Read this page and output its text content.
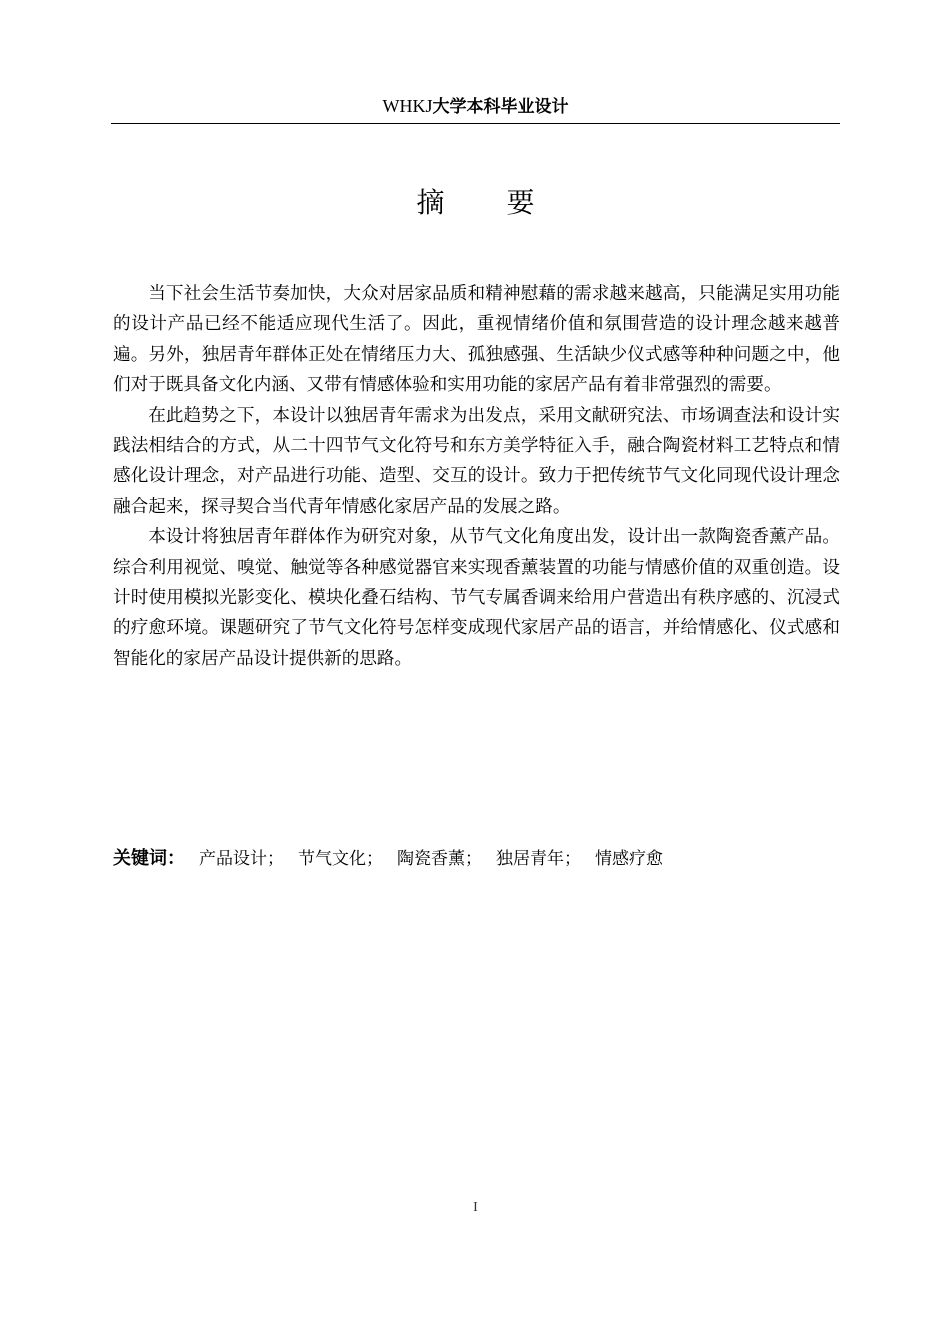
WHKJ大学本科毕业设计
摘 要

当下社会生活节奏加快，大众对居家品质和精神慰藉的需求越来越高，只能满足实用功能的设计产品已经不能适应现代生活了。因此，重视情绪价值和氛围营造的设计理念越来越普遍。另外，独居青年群体正处在情绪压力大、孤独感强、生活缺少仪式感等种种问题之中，他们对于既具备文化内涵、又带有情感体验和实用功能的家居产品有着非常强烈的需要。

在此趋势之下，本设计以独居青年需求为出发点，采用文献研究法、市场调查法和设计实践法相结合的方式，从二十四节气文化符号和东方美学特征入手，融合陶瓷材料工艺特点和情感化设计理念，对产品进行功能、造型、交互的设计。致力于把传统节气文化同现代设计理念融合起来，探寻契合当代青年情感化家居产品的发展之路。

本设计将独居青年群体作为研究对象，从节气文化角度出发，设计出一款陶瓷香薰产品。综合利用视觉、嗅觉、触觉等各种感觉器官来实现香薰装置的功能与情感价值的双重创造。设计时使用模拟光影变化、模块化叠石结构、节气专属香调来给用户营造出有秩序感的、沉浸式的疗愈环境。课题研究了节气文化符号怎样变成现代家居产品的语言，并给情感化、仪式感和智能化的家居产品设计提供新的思路。

关键词： 产品设计； 节气文化； 陶瓷香薰； 独居青年； 情感疗愈
I
